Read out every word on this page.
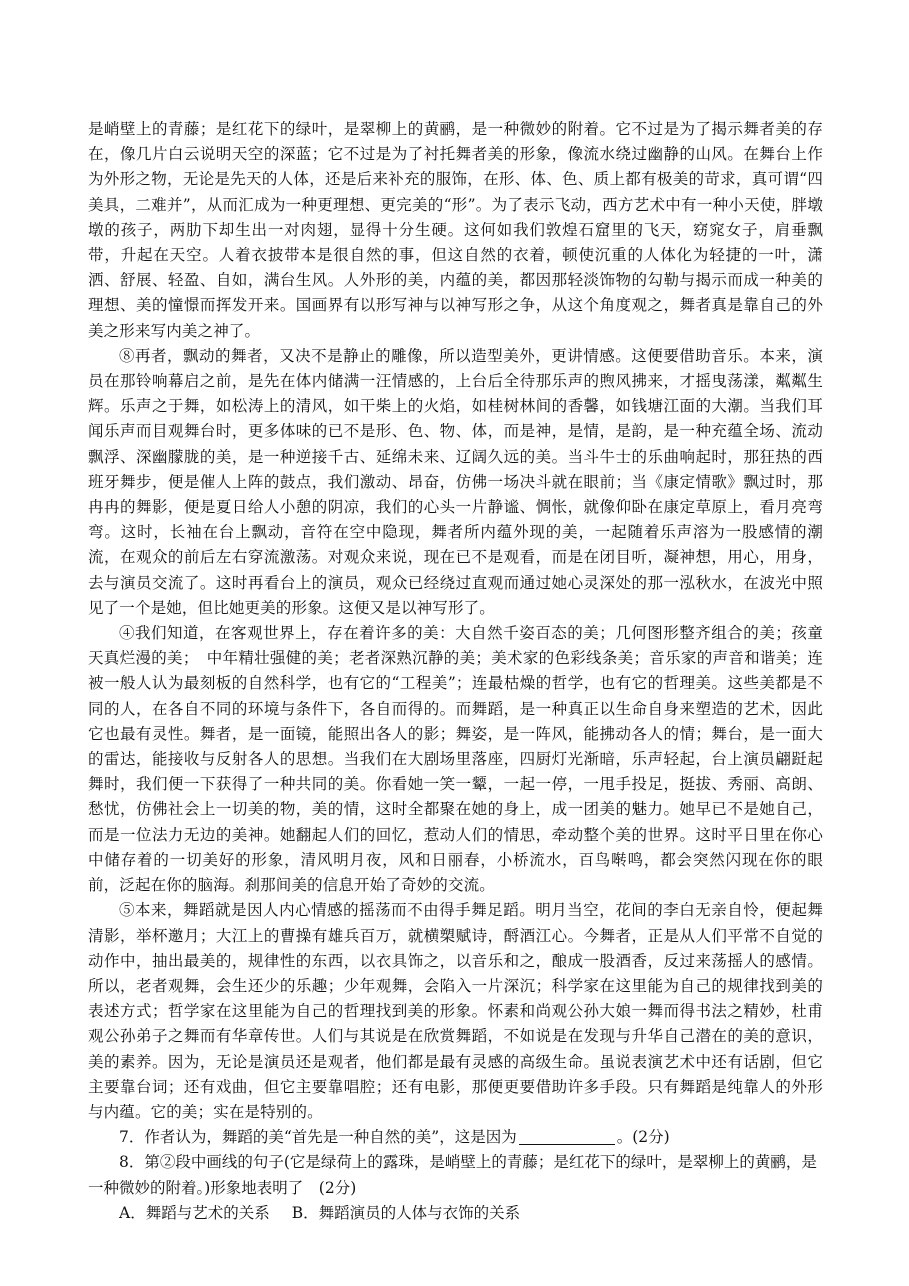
是峭壁上的青藤；是红花下的绿叶，是翠柳上的黄鹂，是一种微妙的附着。它不过是为了揭示舞者美的存在，像几片白云说明天空的深蓝；它不过是为了衬托舞者美的形象，像流水绕过幽静的山风。在舞台上作为外形之物，无论是先天的人体，还是后来补充的服饰，在形、体、色、质上都有极美的苛求，真可谓“四美具，二难并”，从而汇成为一种更理想、更完美的“形”。为了表示飞动，西方艺术中有一种小天使，胖墩墩的孩子，两肋下却生出一对肉翅，显得十分生硬。这何如我们敦煌石窟里的飞天，窈窕女子，肩垂飘带，升起在天空。人着衣披带本是很自然的事，但这自然的衣着，顿使沉重的人体化为轻捷的一叶，潇洒、舒展、轻盈、自如，满台生风。人外形的美，内蕴的美，都因那轻淡饰物的勾勒与揭示而成一种美的理想、美的憧憬而挥发开来。国画界有以形写神与以神写形之争，从这个角度观之，舞者真是靠自己的外美之形来写内美之神了。

⑧再者，飘动的舞者，又决不是静止的雕像，所以造型美外，更讲情感。这便要借助音乐。本来，演员在那铃响幕启之前，是先在体内储满一汪情感的，上台后全待那乐声的煦风拂来，才摇曳荡漾，粼粼生辉。乐声之于舞，如松涛上的清风，如干柴上的火焰，如桂树林间的香馨，如钱塘江面的大潮。当我们耳闻乐声而目观舞台时，更多体味的已不是形、色、物、体，而是神，是情，是韵，是一种充蕴全场、流动飘浮、深幽朦胧的美，是一种逆接千古、延绵未来、辽阔久远的美。当斗牛士的乐曲响起时，那狂热的西班牙舞步，便是催人上阵的鼓点，我们激动、昂奋，仿佛一场决斗就在眼前；当《康定情歌》飘过时，那冉冉的舞影，便是夏日给人小憩的阴凉，我们的心头一片静谧、惆怅，就像仰卧在康定草原上，看月亮弯弯。这时，长袖在台上飘动，音符在空中隐现，舞者所内蕴外现的美，一起随着乐声溶为一股感情的潮流，在观众的前后左右穿流激荡。对观众来说，现在已不是观看，而是在闭目听，凝神想，用心，用身，去与演员交流了。这时再看台上的演员，观众已经绕过直观而通过她心灵深处的那一泓秋水，在波光中照见了一个是她，但比她更美的形象。这便又是以神写形了。

④我们知道，在客观世界上，存在着许多的美：大自然千姿百态的美；几何图形整齐组合的美；孩童天真烂漫的美；　中年精壮强健的美；老者深熟沉静的美；美术家的色彩线条美；音乐家的声音和谐美；连被一般人认为最刻板的自然科学，也有它的“工程美”；连最枯燥的哲学，也有它的哲理美。这些美都是不同的人，在各自不同的环境与条件下，各自而得的。而舞蹈，是一种真正以生命自身来塑造的艺术，因此它也最有灵性。舞者，是一面镜，能照出各人的影；舞姿，是一阵风，能拂动各人的情；舞台，是一面大的雷达，能接收与反射各人的思想。当我们在大剧场里落座，四厨灯光渐暗，乐声轻起，台上演员翩跹起舞时，我们便一下获得了一种共同的美。你看她一笑一颦，一起一停，一甩手投足，挺拔、秀丽、高朗、愁忧，仿佛社会上一切美的物，美的情，这时全都聚在她的身上，成一团美的魅力。她早已不是她自己，而是一位法力无边的美神。她翻起人们的回忆，惹动人们的情思，牵动整个美的世界。这时平日里在你心中储存着的一切美好的形象，清风明月夜，风和日丽春，小桥流水，百鸟啭鸣，都会突然闪现在你的眼前，泛起在你的脑海。刹那间美的信息开始了奇妙的交流。

⑤本来，舞蹈就是因人内心情感的摇荡而不由得手舞足蹈。明月当空，花间的李白无亲自怜，便起舞清影，举杯邀月；大江上的曹操有雄兵百万，就横槊赋诗，酹酒江心。今舞者，正是从人们平常不自觉的动作中，抽出最美的，规律性的东西，以衣具饰之，以音乐和之，酿成一股酒香，反过来荡摇人的感情。所以，老者观舞，会生还少的乐趣；少年观舞，会陷入一片深沉；科学家在这里能为自己的规律找到美的表述方式；哲学家在这里能为自己的哲理找到美的形象。怀素和尚观公孙大娘一舞而得书法之精妙，杜甫观公孙弟子之舞而有华章传世。人们与其说是在欣赏舞蹈，不如说是在发现与升华自己潜在的美的意识，美的素养。因为，无论是演员还是观者，他们都是最有灵感的高级生命。虽说表演艺术中还有话剧，但它主要靠台词；还有戏曲，但它主要靠唱腔；还有电影，那便更要借助许多手段。只有舞蹈是纯靠人的外形与内蕴。它的美；实在是特别的。

7．作者认为，舞蹈的美“首先是一种自然的美”，这是因为	。(2分)

8．第②段中画线的句子(它是绿荷上的露珠，是峭壁上的青藤；是红花下的绿叶，是翠柳上的黄鹂，是一种微妙的附着。)形象地表明了　(2分)

A．舞蹈与艺术的关系 B．舞蹈演员的人体与衣饰的关系
